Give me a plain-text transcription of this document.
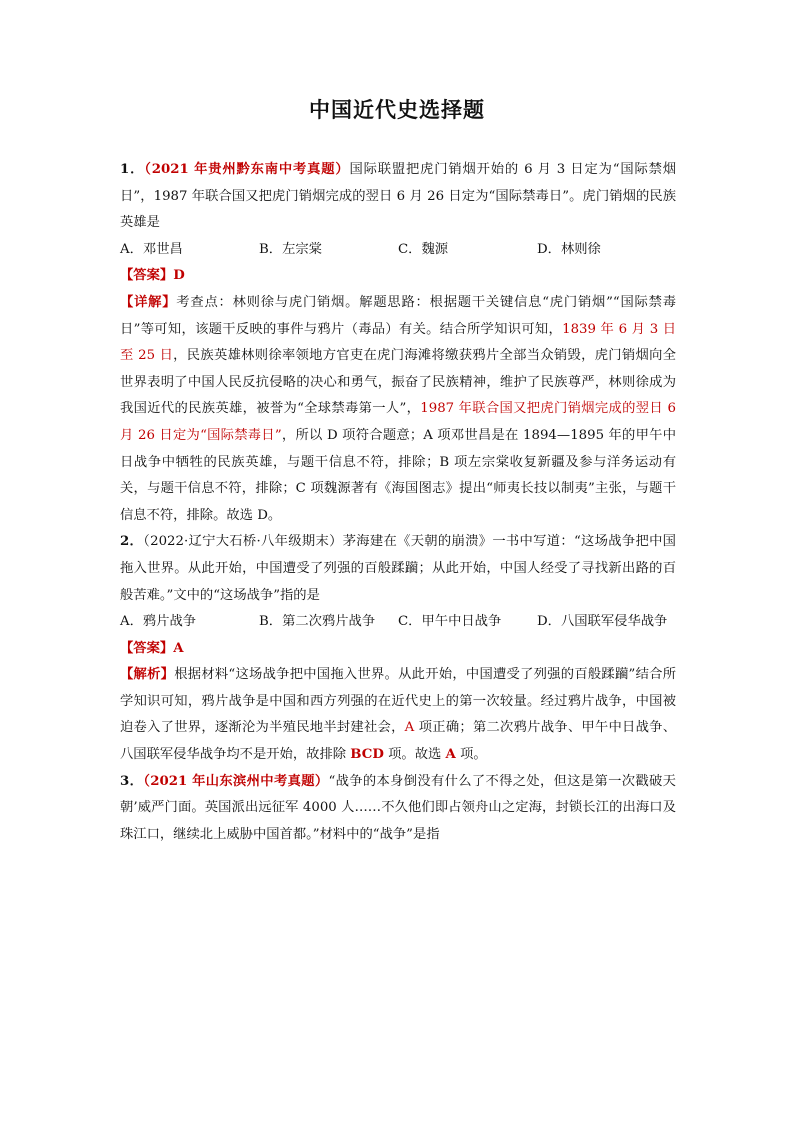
中国近代史选择题

1．（2021 年贵州黔东南中考真题）国际联盟把虎门销烟开始的 6 月 3 日定为“国际禁烟日”，1987 年联合国又把虎门销烟完成的翌日 6 月 26 日定为“国际禁毒日”。虎门销烟的民族英雄是

A．邓世昌	B．左宗棠	C．魏源	D．林则徐

【答案】D

【详解】考查点：林则徐与虎门销烟。解题思路：根据题干关键信息“虎门销烟”“国际禁毒日”等可知，该题干反映的事件与鸦片（毒品）有关。结合所学知识可知，1839 年 6 月 3 日至 25 日，民族英雄林则徐率领地方官吏在虎门海滩将缴获鸦片全部当众销毁，虎门销烟向全世界表明了中国人民反抗侵略的决心和勇气，振奋了民族精神，维护了民族尊严，林则徐成为我国近代的民族英雄，被誉为“全球禁毒第一人”，1987 年联合国又把虎门销烟完成的翌日 6 月 26 日定为“国际禁毒日”，所以 D 项符合题意；A 项邓世昌是在 1894—1895 年的甲午中日战争中牺牲的民族英雄，与题干信息不符，排除；B 项左宗棠收复新疆及参与洋务运动有关，与题干信息不符，排除；C 项魏源著有《海国图志》提出“师夷长技以制夷”主张，与题干信息不符，排除。故选 D。

2．（2022·辽宁大石桥·八年级期末）茅海建在《天朝的崩溃》一书中写道：“这场战争把中国拖入世界。从此开始，中国遭受了列强的百般蹂躏；从此开始，中国人经受了寻找新出路的百般苦难。”文中的“这场战争”指的是

A．鸦片战争	B．第二次鸦片战争	C．甲午中日战争	D．八国联军侵华战争

【答案】A

【解析】根据材料“这场战争把中国拖入世界。从此开始，中国遭受了列强的百般蹂躏”结合所学知识可知，鸦片战争是中国和西方列强的在近代史上的第一次较量。经过鸦片战争，中国被迫卷入了世界，逐渐沦为半殖民地半封建社会，A 项正确；第二次鸦片战争、甲午中日战争、八国联军侵华战争均不是开始，故排除 BCD 项。故选 A 项。

3．（2021 年山东滨州中考真题）“战争的本身倒没有什么了不得之处，但这是第一次戳破天朝’威严门面。英国派出远征军 4000 人……不久他们即占领舟山之定海，封锁长江的出海口及珠江口，继续北上威胁中国首都。”材料中的“战争”是指
